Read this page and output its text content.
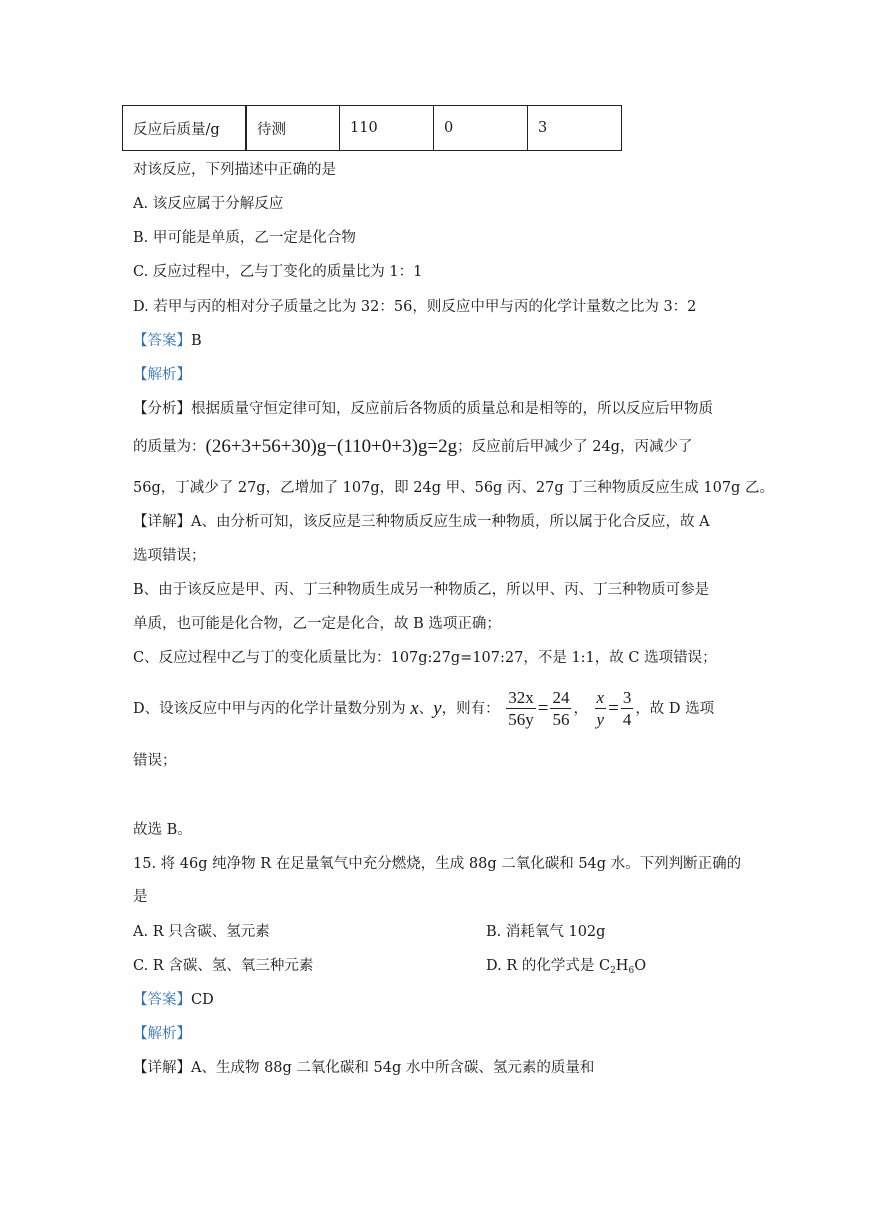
反应后质量/g	待测	110	0	3
对该反应，下列描述中正确的是
A. 该反应属于分解反应
B. 甲可能是单质，乙一定是化合物
C. 反应过程中，乙与丁变化的质量比为 1：1
D. 若甲与丙的相对分子质量之比为 32：56，则反应中甲与丙的化学计量数之比为 3：2
【答案】B
【解析】
【分析】根据质量守恒定律可知，反应前后各物质的质量总和是相等的，所以反应后甲物质
的质量为：(26+3+56+30)g−(110+0+3)g=2g；反应前后甲减少了 24g，丙减少了
56g，丁减少了 27g，乙增加了 107g，即 24g 甲、56g 丙、27g 丁三种物质反应生成 107g 乙。
【详解】A、由分析可知，该反应是三种物质反应生成一种物质，所以属于化合反应，故 A
选项错误；
B、由于该反应是甲、丙、丁三种物质生成另一种物质乙，所以甲、丙、丁三种物质可参是
单质，也可能是化合物，乙一定是化合，故 B 选项正确；
C、反应过程中乙与丁的变化质量比为：107g:27g=107:27，不是 1:1，故 C 选项错误；
D、设该反应中甲与丙的化学计量数分别为 x、y，则有： $\frac{32x}{56y} = \frac{24}{56}$ ， $\frac{x}{y} = \frac{3}{4}$ ，故 D 选项
错误；
故选 B。
15. 将 46g 纯净物 R 在足量氧气中充分燃烧，生成 88g 二氧化碳和 54g 水。下列判断正确的
是
A. R 只含碳、氢元素	B. 消耗氧气 102g
C. R 含碳、氢、氧三种元素	D. R 的化学式是 $C_2H_6O$
【答案】CD
【解析】
【详解】A、生成物 88g 二氧化碳和 54g 水中所含碳、氢元素的质量和
